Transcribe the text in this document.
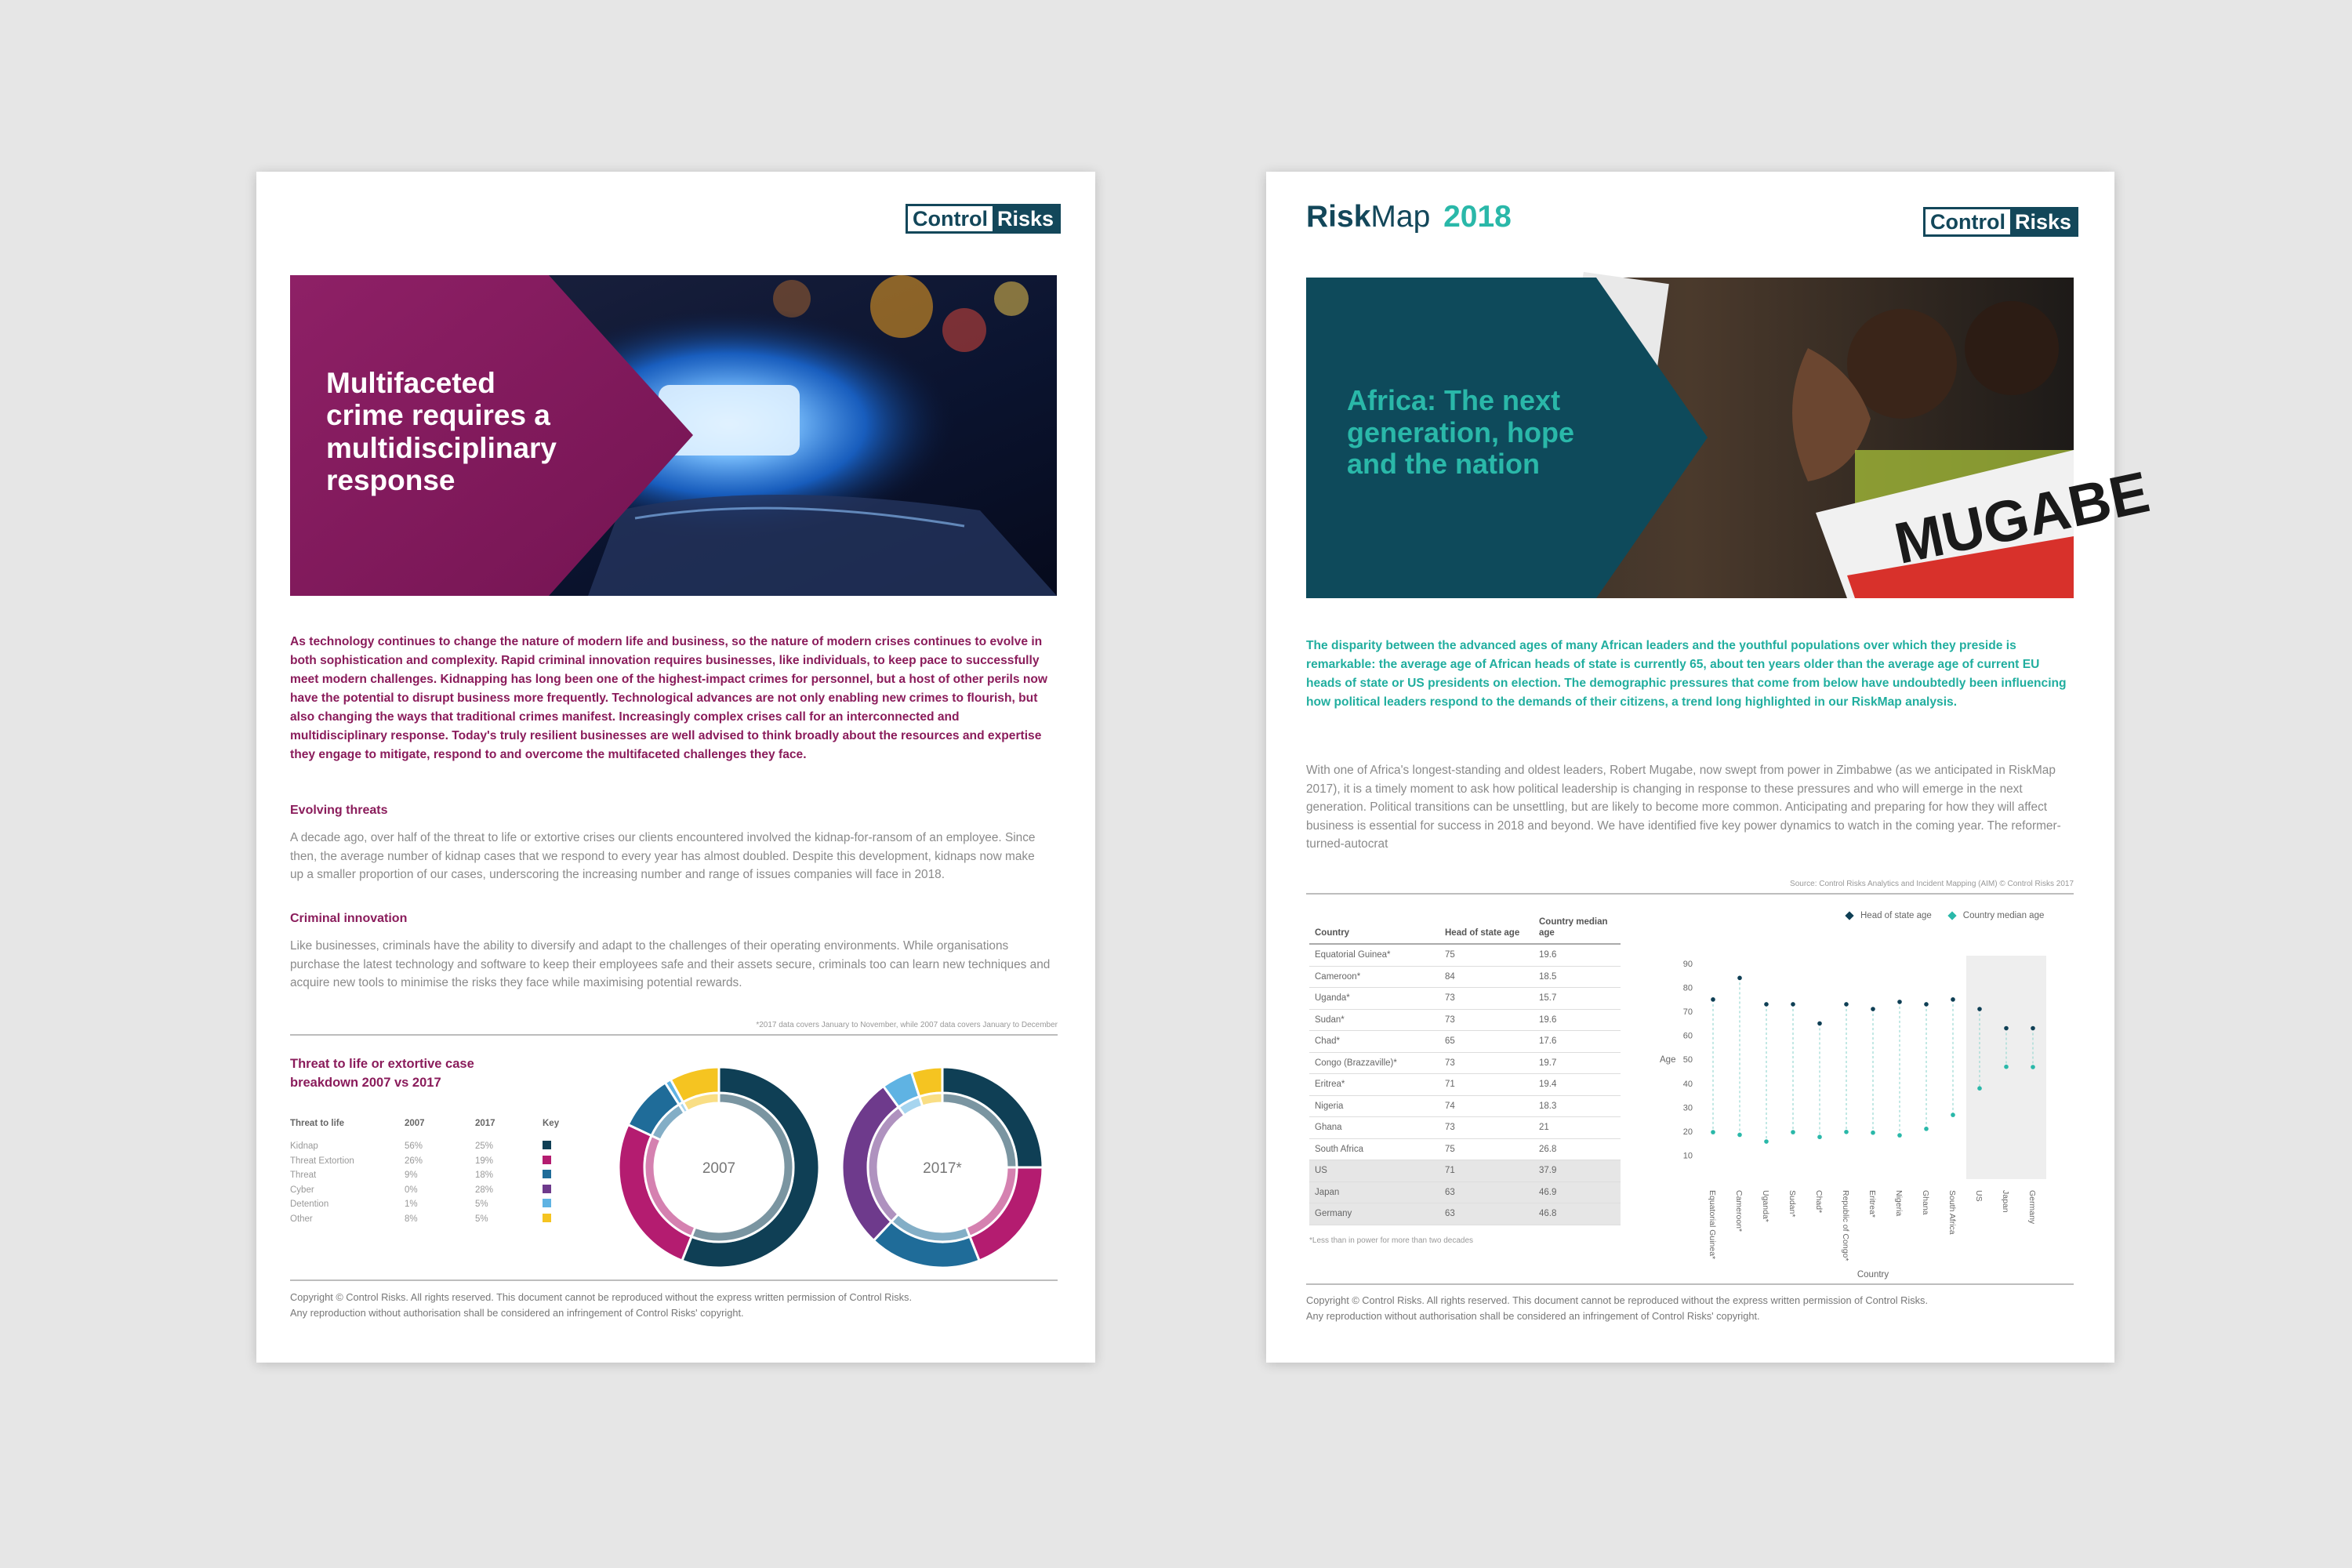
Control Risks
Multifaceted
crime requires a
multidisciplinary
response
As technology continues to change the nature of modern life and business, so the nature of modern crises continues to evolve in both sophistication and complexity. Rapid criminal innovation requires businesses, like individuals, to keep pace to successfully meet modern challenges. Kidnapping has long been one of the highest-impact crimes for personnel, but a host of other perils now have the potential to disrupt business more frequently. Technological advances are not only enabling new crimes to flourish, but also changing the ways that traditional crimes manifest. Increasingly complex crises call for an interconnected and multidisciplinary response. Today's truly resilient businesses are well advised to think broadly about the resources and expertise they engage to mitigate, respond to and overcome the multifaceted challenges they face.
Evolving threats
A decade ago, over half of the threat to life or extortive crises our clients encountered involved the kidnap-for-ransom of an employee. Since then, the average number of kidnap cases that we respond to every year has almost doubled. Despite this development, kidnaps now make up a smaller proportion of our cases, underscoring the increasing number and range of issues companies will face in 2018.
Criminal innovation
Like businesses, criminals have the ability to diversify and adapt to the challenges of their operating environments. While organisations purchase the latest technology and software to keep their employees safe and their assets secure, criminals too can learn new techniques and acquire new tools to minimise the risks they face while maximising potential rewards.
*2017 data covers January to November, while 2007 data covers January to December
Threat to life or extortive case breakdown 2007 vs 2017
Threat to life	2007	2017	Key
Kidnap	56%	25%	
Threat Extortion	26%	19%	
Threat	9%	18%	
Cyber	0%	28%	
Detention	1%	5%	
Other	8%	5%	
2007	2017*
Copyright © Control Risks. All rights reserved. This document cannot be reproduced without the express written permission of Control Risks.
Any reproduction without authorisation shall be considered an infringement of Control Risks' copyright.
RiskMap 2018	Control Risks
MUGABE
Africa: The next
generation, hope
and the nation
The disparity between the advanced ages of many African leaders and the youthful populations over which they preside is remarkable: the average age of African heads of state is currently 65, about ten years older than the average age of current EU heads of state or US presidents on election. The demographic pressures that come from below have undoubtedly been influencing how political leaders respond to the demands of their citizens, a trend long highlighted in our RiskMap analysis.
With one of Africa's longest-standing and oldest leaders, Robert Mugabe, now swept from power in Zimbabwe (as we anticipated in RiskMap 2017), it is a timely moment to ask how political leadership is changing in response to these pressures and who will emerge in the next generation. Political transitions can be unsettling, but are likely to become more common. Anticipating and preparing for how they will affect business is essential for success in 2018 and beyond. We have identified five key power dynamics to watch in the coming year. The reformer-turned-autocrat
Source: Control Risks Analytics and Incident Mapping (AIM) © Control Risks 2017
Country	Head of state age	Country median age
Equatorial Guinea*	75	19.6
Cameroon*	84	18.5
Uganda*	73	15.7
Sudan*	73	19.6
Chad*	65	17.6
Congo (Brazzaville)*	73	19.7
Eritrea*	71	19.4
Nigeria	74	18.3
Ghana	73	21
South Africa	75	26.8
US	71	37.9
Japan	63	46.9
Germany	63	46.8
*Less than in power for more than two decades
Head of state age	Country median age
10
20
30
40
50
60
70
80
90
Age
Equatorial Guinea* Cameroon* Uganda* Sudan* Chad* Republic of Congo* Eritrea* Nigeria Ghana South Africa US Japan Germany
Country
Copyright © Control Risks. All rights reserved. This document cannot be reproduced without the express written permission of Control Risks.
Any reproduction without authorisation shall be considered an infringement of Control Risks' copyright.
